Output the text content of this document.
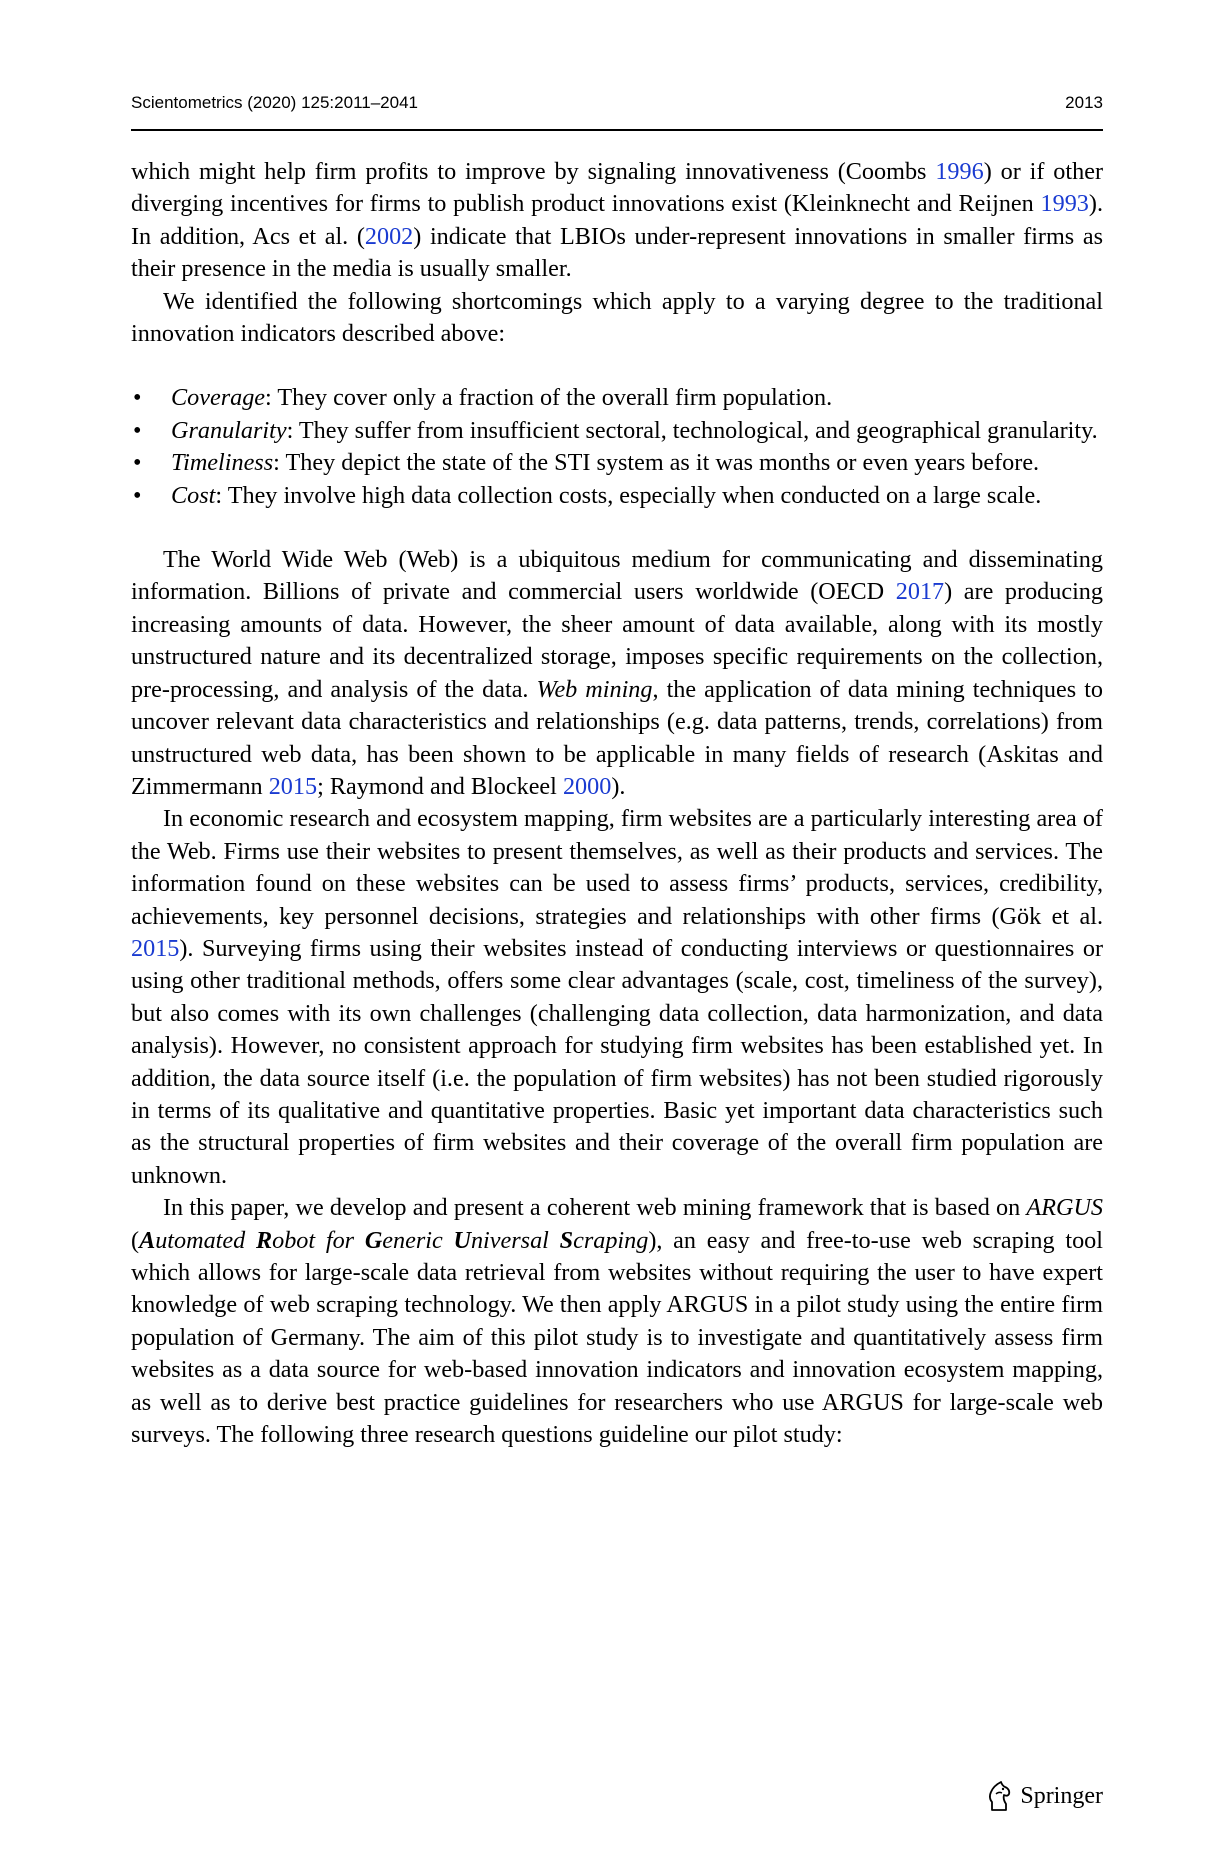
Scientometrics (2020) 125:2011–2041	2013

which might help firm profits to improve by signaling innovativeness (Coombs 1996) or if other diverging incentives for firms to publish product innovations exist (Kleinknecht and Reijnen 1993). In addition, Acs et al. (2002) indicate that LBIOs under-represent innovations in smaller firms as their presence in the media is usually smaller.

We identified the following shortcomings which apply to a varying degree to the traditional innovation indicators described above:

• Coverage: They cover only a fraction of the overall firm population.
• Granularity: They suffer from insufficient sectoral, technological, and geographical granularity.
• Timeliness: They depict the state of the STI system as it was months or even years before.
• Cost: They involve high data collection costs, especially when conducted on a large scale.

The World Wide Web (Web) is a ubiquitous medium for communicating and disseminating information. Billions of private and commercial users worldwide (OECD 2017) are producing increasing amounts of data. However, the sheer amount of data available, along with its mostly unstructured nature and its decentralized storage, imposes specific requirements on the collection, pre-processing, and analysis of the data. Web mining, the application of data mining techniques to uncover relevant data characteristics and relationships (e.g. data patterns, trends, correlations) from unstructured web data, has been shown to be applicable in many fields of research (Askitas and Zimmermann 2015; Raymond and Blockeel 2000).

In economic research and ecosystem mapping, firm websites are a particularly interesting area of the Web. Firms use their websites to present themselves, as well as their products and services. The information found on these websites can be used to assess firms’ products, services, credibility, achievements, key personnel decisions, strategies and relationships with other firms (Gök et al. 2015). Surveying firms using their websites instead of conducting interviews or questionnaires or using other traditional methods, offers some clear advantages (scale, cost, timeliness of the survey), but also comes with its own challenges (challenging data collection, data harmonization, and data analysis). However, no consistent approach for studying firm websites has been established yet. In addition, the data source itself (i.e. the population of firm websites) has not been studied rigorously in terms of its qualitative and quantitative properties. Basic yet important data characteristics such as the structural properties of firm websites and their coverage of the overall firm population are unknown.

In this paper, we develop and present a coherent web mining framework that is based on ARGUS (Automated Robot for Generic Universal Scraping), an easy and free-to-use web scraping tool which allows for large-scale data retrieval from websites without requiring the user to have expert knowledge of web scraping technology. We then apply ARGUS in a pilot study using the entire firm population of Germany. The aim of this pilot study is to investigate and quantitatively assess firm websites as a data source for web-based innovation indicators and innovation ecosystem mapping, as well as to derive best practice guidelines for researchers who use ARGUS for large-scale web surveys. The following three research questions guideline our pilot study:

Springer
